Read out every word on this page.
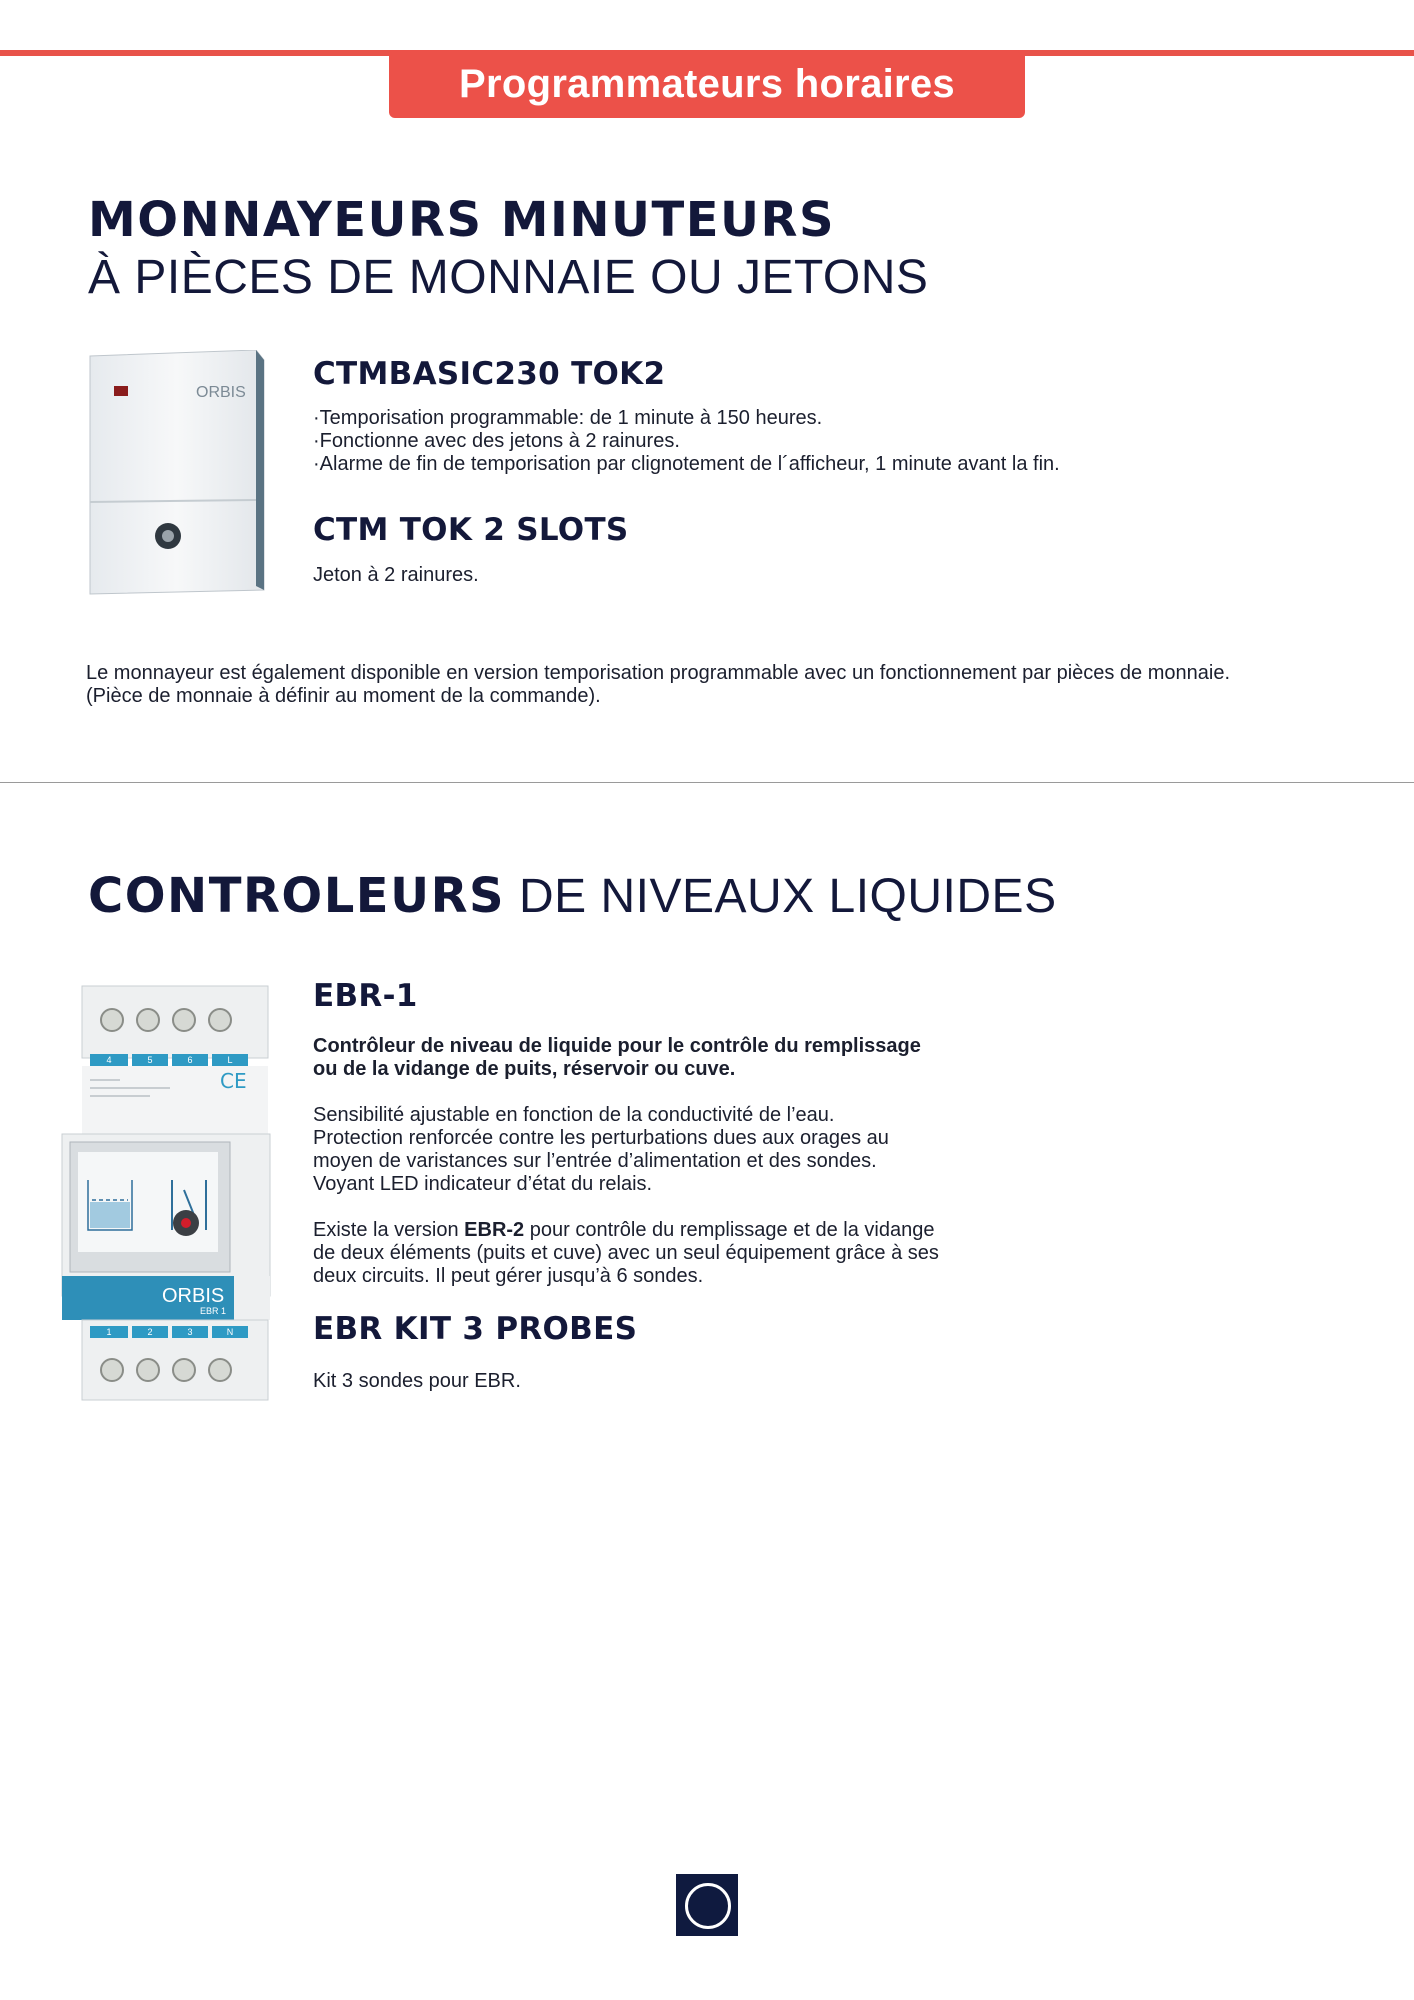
Programmateurs horaires
MONNAYEURS MINUTEURS
À PIÈCES DE MONNAIE OU JETONS
ORBIS
CTMBASIC230 TOK2
· Temporisation programmable: de 1 minute à 150 heures.
· Fonctionne avec des jetons à 2 rainures.
· Alarme de fin de temporisation par clignotement de l´afficheur, 1 minute avant la fin.
CTM TOK 2 SLOTS
Jeton à 2 rainures.
Le monnayeur est également disponible en version temporisation programmable avec un fonctionnement par pièces de monnaie.
(Pièce de monnaie à définir au moment de la commande).
CONTROLEURS DE NIVEAUX LIQUIDES
4	5	6	L
CE
ORBIS
EBR 1
1	2	3	N
EBR-1
Contrôleur de niveau de liquide pour le contrôle du remplissage
ou de la vidange de puits, réservoir ou cuve.
Sensibilité ajustable en fonction de la conductivité de l’eau.
Protection renforcée contre les perturbations dues aux orages au
moyen de varistances sur l’entrée d’alimentation et des sondes.
Voyant LED indicateur d’état du relais.
Existe la version EBR-2 pour contrôle du remplissage et de la vidange
de deux éléments (puits et cuve) avec un seul équipement grâce à ses
deux circuits. Il peut gérer jusqu’à 6 sondes.
EBR KIT 3 PROBES
Kit 3 sondes pour EBR.
